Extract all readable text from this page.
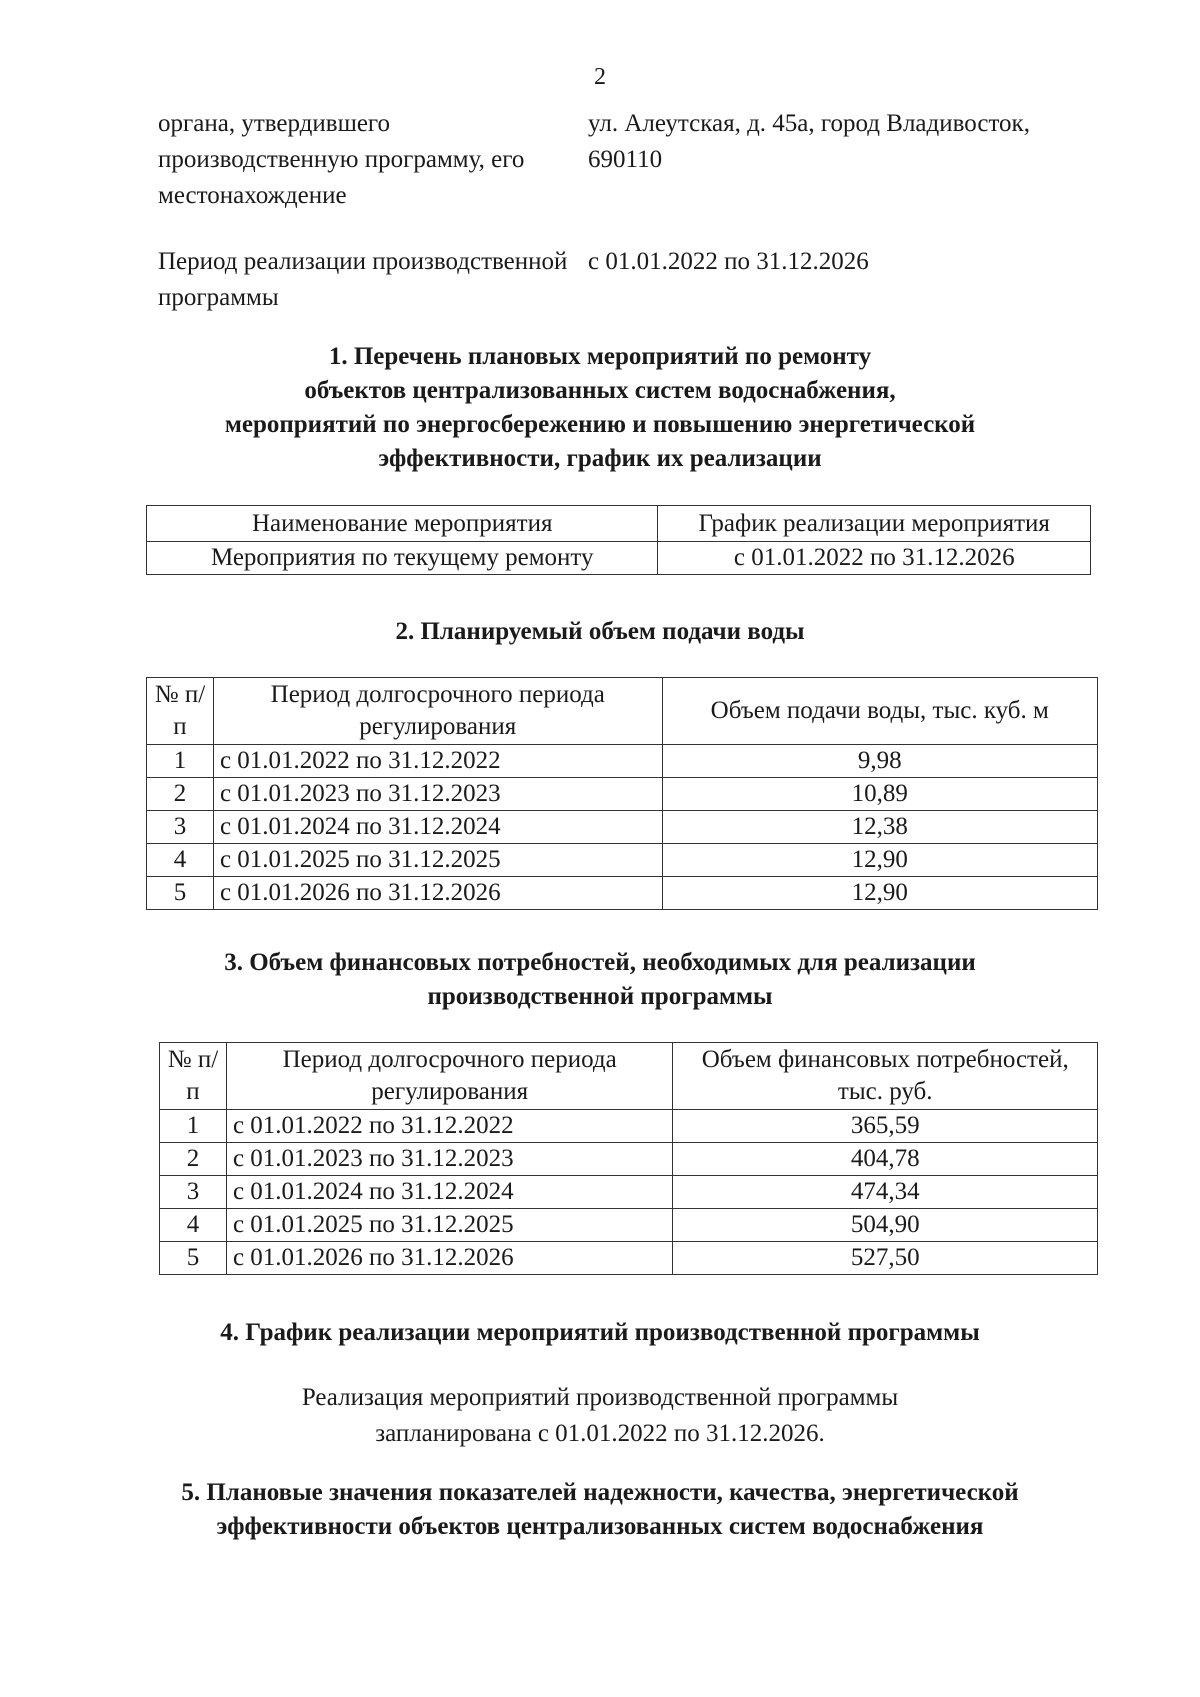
2
органа, утвердившего производственную программу, его местонахождение
ул. Алеутская, д. 45а, город Владивосток, 690110
Период реализации производственной программы
с 01.01.2022 по 31.12.2026
1. Перечень плановых мероприятий по ремонту
объектов централизованных систем водоснабжения,
мероприятий по энергосбережению и повышению энергетической
эффективности, график их реализации
Наименование мероприятия	График реализации мероприятия
Мероприятия по текущему ремонту	с 01.01.2022 по 31.12.2026
2. Планируемый объем подачи воды
№ п/п	Период долгосрочного периода регулирования	Объем подачи воды, тыс. куб. м
1	с 01.01.2022 по 31.12.2022	9,98
2	с 01.01.2023 по 31.12.2023	10,89
3	с 01.01.2024 по 31.12.2024	12,38
4	с 01.01.2025 по 31.12.2025	12,90
5	с 01.01.2026 по 31.12.2026	12,90
3. Объем финансовых потребностей, необходимых для реализации
производственной программы
№ п/п	Период долгосрочного периода регулирования	Объем финансовых потребностей, тыс. руб.
1	с 01.01.2022 по 31.12.2022	365,59
2	с 01.01.2023 по 31.12.2023	404,78
3	с 01.01.2024 по 31.12.2024	474,34
4	с 01.01.2025 по 31.12.2025	504,90
5	с 01.01.2026 по 31.12.2026	527,50
4. График реализации мероприятий производственной программы
Реализация мероприятий производственной программы
запланирована с 01.01.2022 по 31.12.2026.
5. Плановые значения показателей надежности, качества, энергетической
эффективности объектов централизованных систем водоснабжения
